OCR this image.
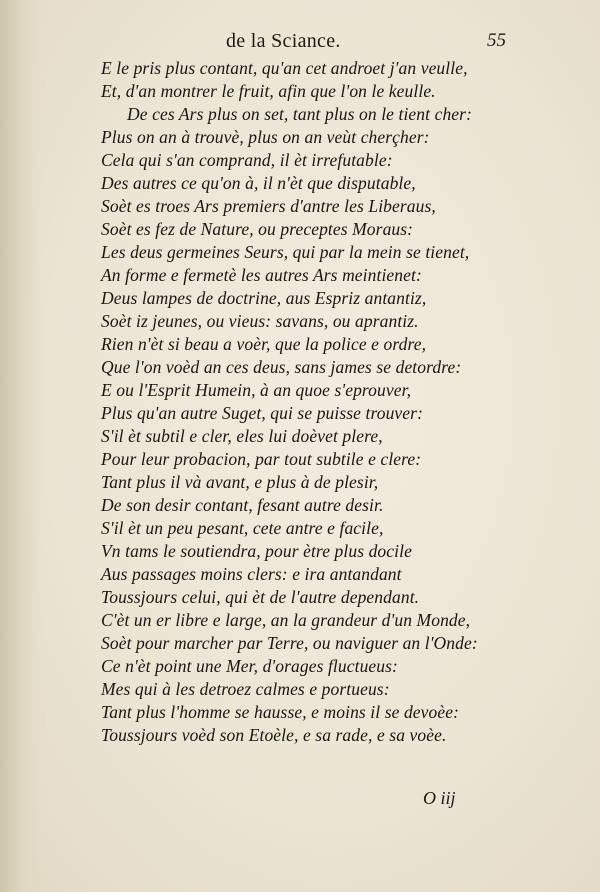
de la Sciance.	55
E le pris plus contant, qu'an cet androet j'an veulle,
Et, d'an montrer le fruit, afin que l'on le keulle.
De ces Ars plus on set, tant plus on le tient cher:
Plus on an à trouvè, plus on an veùt cherçher:
Cela qui s'an comprand, il èt irrefutable:
Des autres ce qu'on à, il n'èt que disputable,
Soèt es troes Ars premiers d'antre les Liberaus,
Soèt es fez de Nature, ou preceptes Moraus:
Les deus germeines Seurs, qui par la mein se tienet,
An forme e fermetè les autres Ars meintienet:
Deus lampes de doctrine, aus Espriz antantiz,
Soèt iz jeunes, ou vieus: savans, ou aprantiz.
Rien n'èt si beau a voèr, que la police e ordre,
Que l'on voèd an ces deus, sans james se detordre:
E ou l'Esprit Humein, à an quoe s'eprouver,
Plus qu'an autre Suget, qui se puisse trouver:
S'il èt subtil e cler, eles lui doèvet plere,
Pour leur probacion, par tout subtile e clere:
Tant plus il và avant, e plus à de plesir,
De son desir contant, fesant autre desir.
S'il èt un peu pesant, cete antre e facile,
Vn tams le soutiendra, pour ètre plus docile
Aus passages moins clers: e ira antandant
Toussjours celui, qui èt de l'autre dependant.
C'èt un er libre e large, an la grandeur d'un Monde,
Soèt pour marcher par Terre, ou naviguer an l'Onde:
Ce n'èt point une Mer, d'orages fluctueus:
Mes qui à les detroez calmes e portueus:
Tant plus l'homme se hausse, e moins il se devoèe:
Toussjours voèd son Etoèle, e sa rade, e sa voèe.
O iij
